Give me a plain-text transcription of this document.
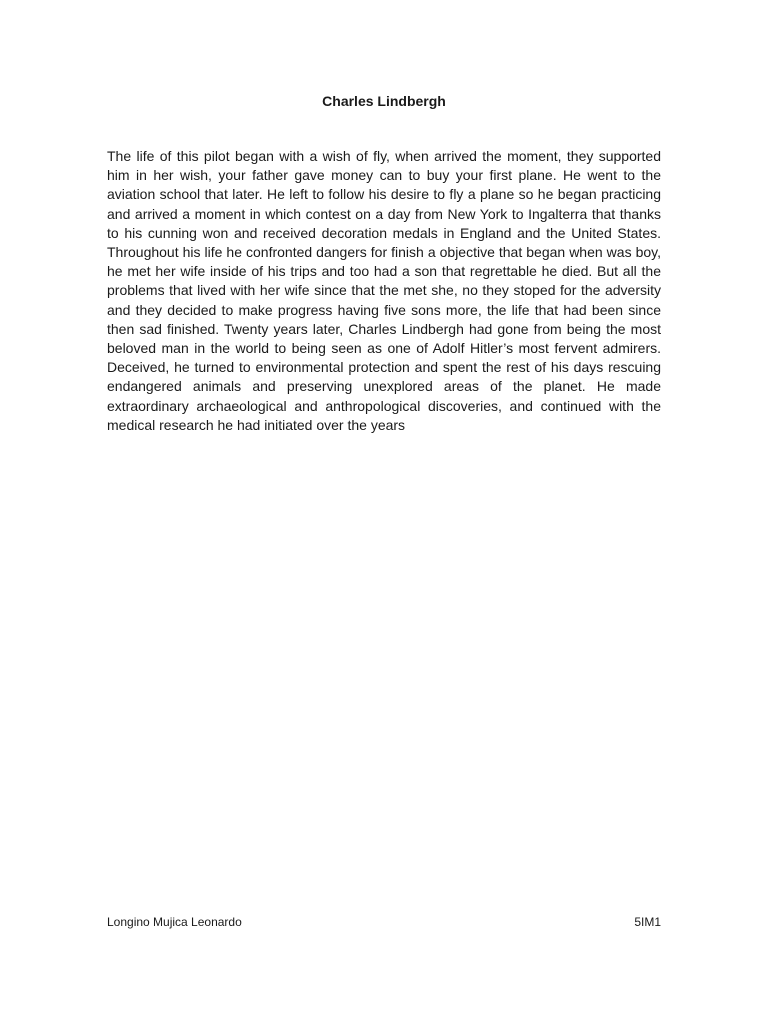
Charles Lindbergh

The life of this pilot began with a wish of fly, when arrived the moment, they supported him in her wish, your father gave money can to buy your first plane. He went to the aviation school that later. He left to follow his desire to fly a plane so he began practicing and arrived a moment in which contest on a day from New York to Ingalterra that thanks to his cunning won and received decoration medals in England and the United States. Throughout his life he confronted dangers for finish a objective that began when was boy, he met her wife inside of his trips and too had a son that regrettable he died. But all the problems that lived with her wife since that the met she, no they stoped for the adversity and they decided to make progress having five sons more, the life that had been since then sad finished. Twenty years later, Charles Lindbergh had gone from being the most beloved man in the world to being seen as one of Adolf Hitler’s most fervent admirers. Deceived, he turned to environmental protection and spent the rest of his days rescuing endangered animals and preserving unexplored areas of the planet. He made extraordinary archaeological and anthropological discoveries, and continued with the medical research he had initiated over the years

Longino Mujica Leonardo	5IM1
